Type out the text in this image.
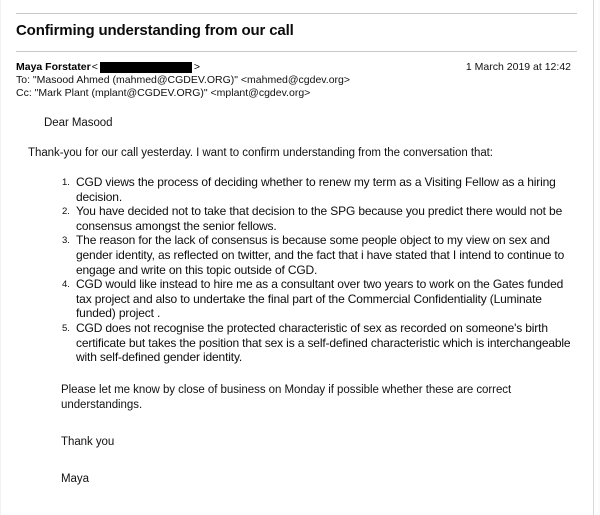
Confirming understanding from our call
Maya Forstater <	>	1 March 2019 at 12:42
To: "Masood Ahmed (mahmed@CGDEV.ORG)" <mahmed@cgdev.org>
Cc: "Mark Plant (mplant@CGDEV.ORG)" <mplant@cgdev.org>

Dear Masood

Thank-you for our call yesterday. I want to confirm understanding from the conversation that:

CGD views the process of deciding whether to renew my term as a Visiting Fellow as a hiring decision.
You have decided not to take that decision to the SPG because you predict there would not be consensus amongst the senior fellows.
The reason for the lack of consensus is because some people object to my view on sex and gender identity, as reflected on twitter, and the fact that i have stated that I intend to continue to engage and write on this topic outside of CGD.
CGD would like instead to hire me as a consultant over two years to work on the Gates funded tax project and also to undertake the final part of the Commercial Confidentiality (Luminate funded) project .
CGD does not recognise the protected characteristic of sex as recorded on someone's birth certificate but takes the position that sex is a self-defined characteristic which is interchangeable with self-defined gender identity.

Please let me know by close of business on Monday if possible whether these are correct understandings.

Thank you

Maya
